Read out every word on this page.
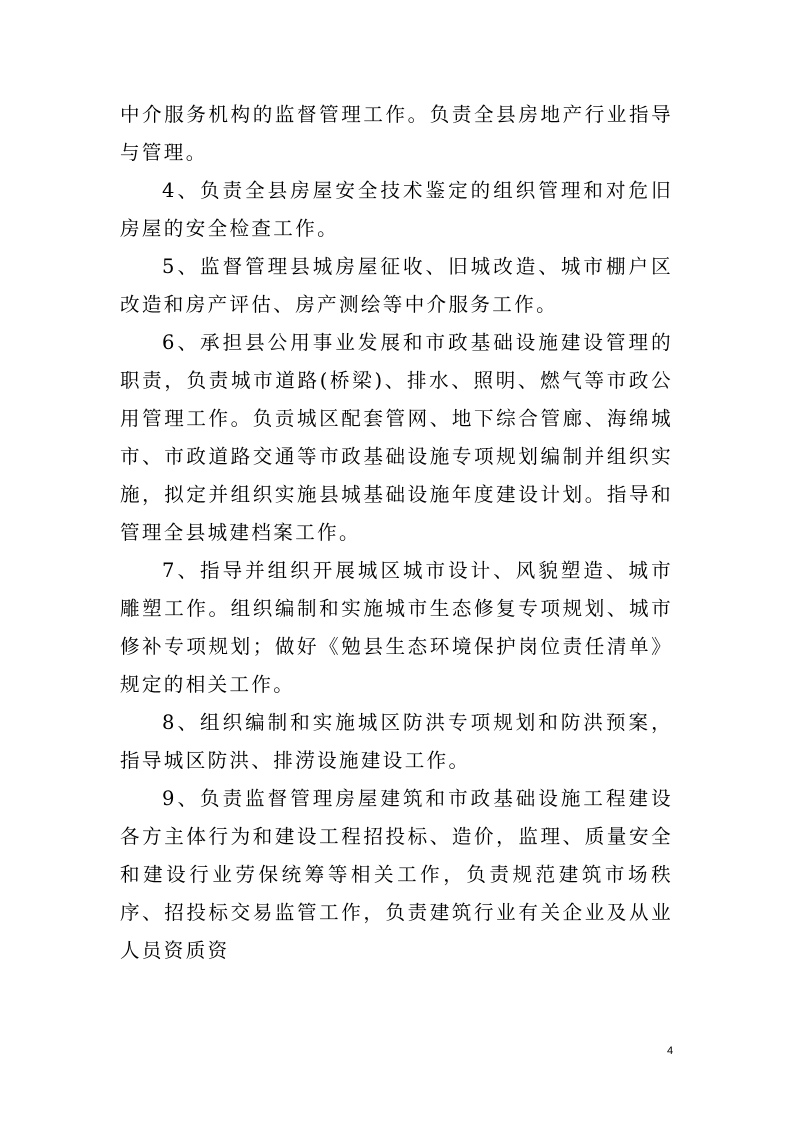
中介服务机构的监督管理工作。负责全县房地产行业指导与管理。

4、负责全县房屋安全技术鉴定的组织管理和对危旧房屋的安全检查工作。

5、监督管理县城房屋征收、旧城改造、城市棚户区改造和房产评估、房产测绘等中介服务工作。

6、承担县公用事业发展和市政基础设施建设管理的职责，负责城市道路(桥梁)、排水、照明、燃气等市政公用管理工作。负贡城区配套管网、地下综合管廊、海绵城市、市政道路交通等市政基础设施专项规划编制并组织实施，拟定并组织实施县城基础设施年度建设计划。指导和管理全县城建档案工作。

7、指导并组织开展城区城市设计、风貌塑造、城市雕塑工作。组织编制和实施城市生态修复专项规划、城市修补专项规划；做好《勉县生态环境保护岗位责任清单》规定的相关工作。

8、组织编制和实施城区防洪专项规划和防洪预案，指导城区防洪、排涝设施建设工作。

9、负责监督管理房屋建筑和市政基础设施工程建设各方主体行为和建设工程招投标、造价，监理、质量安全和建设行业劳保统筹等相关工作，负责规范建筑市场秩序、招投标交易监管工作，负责建筑行业有关企业及从业人员资质资

4
